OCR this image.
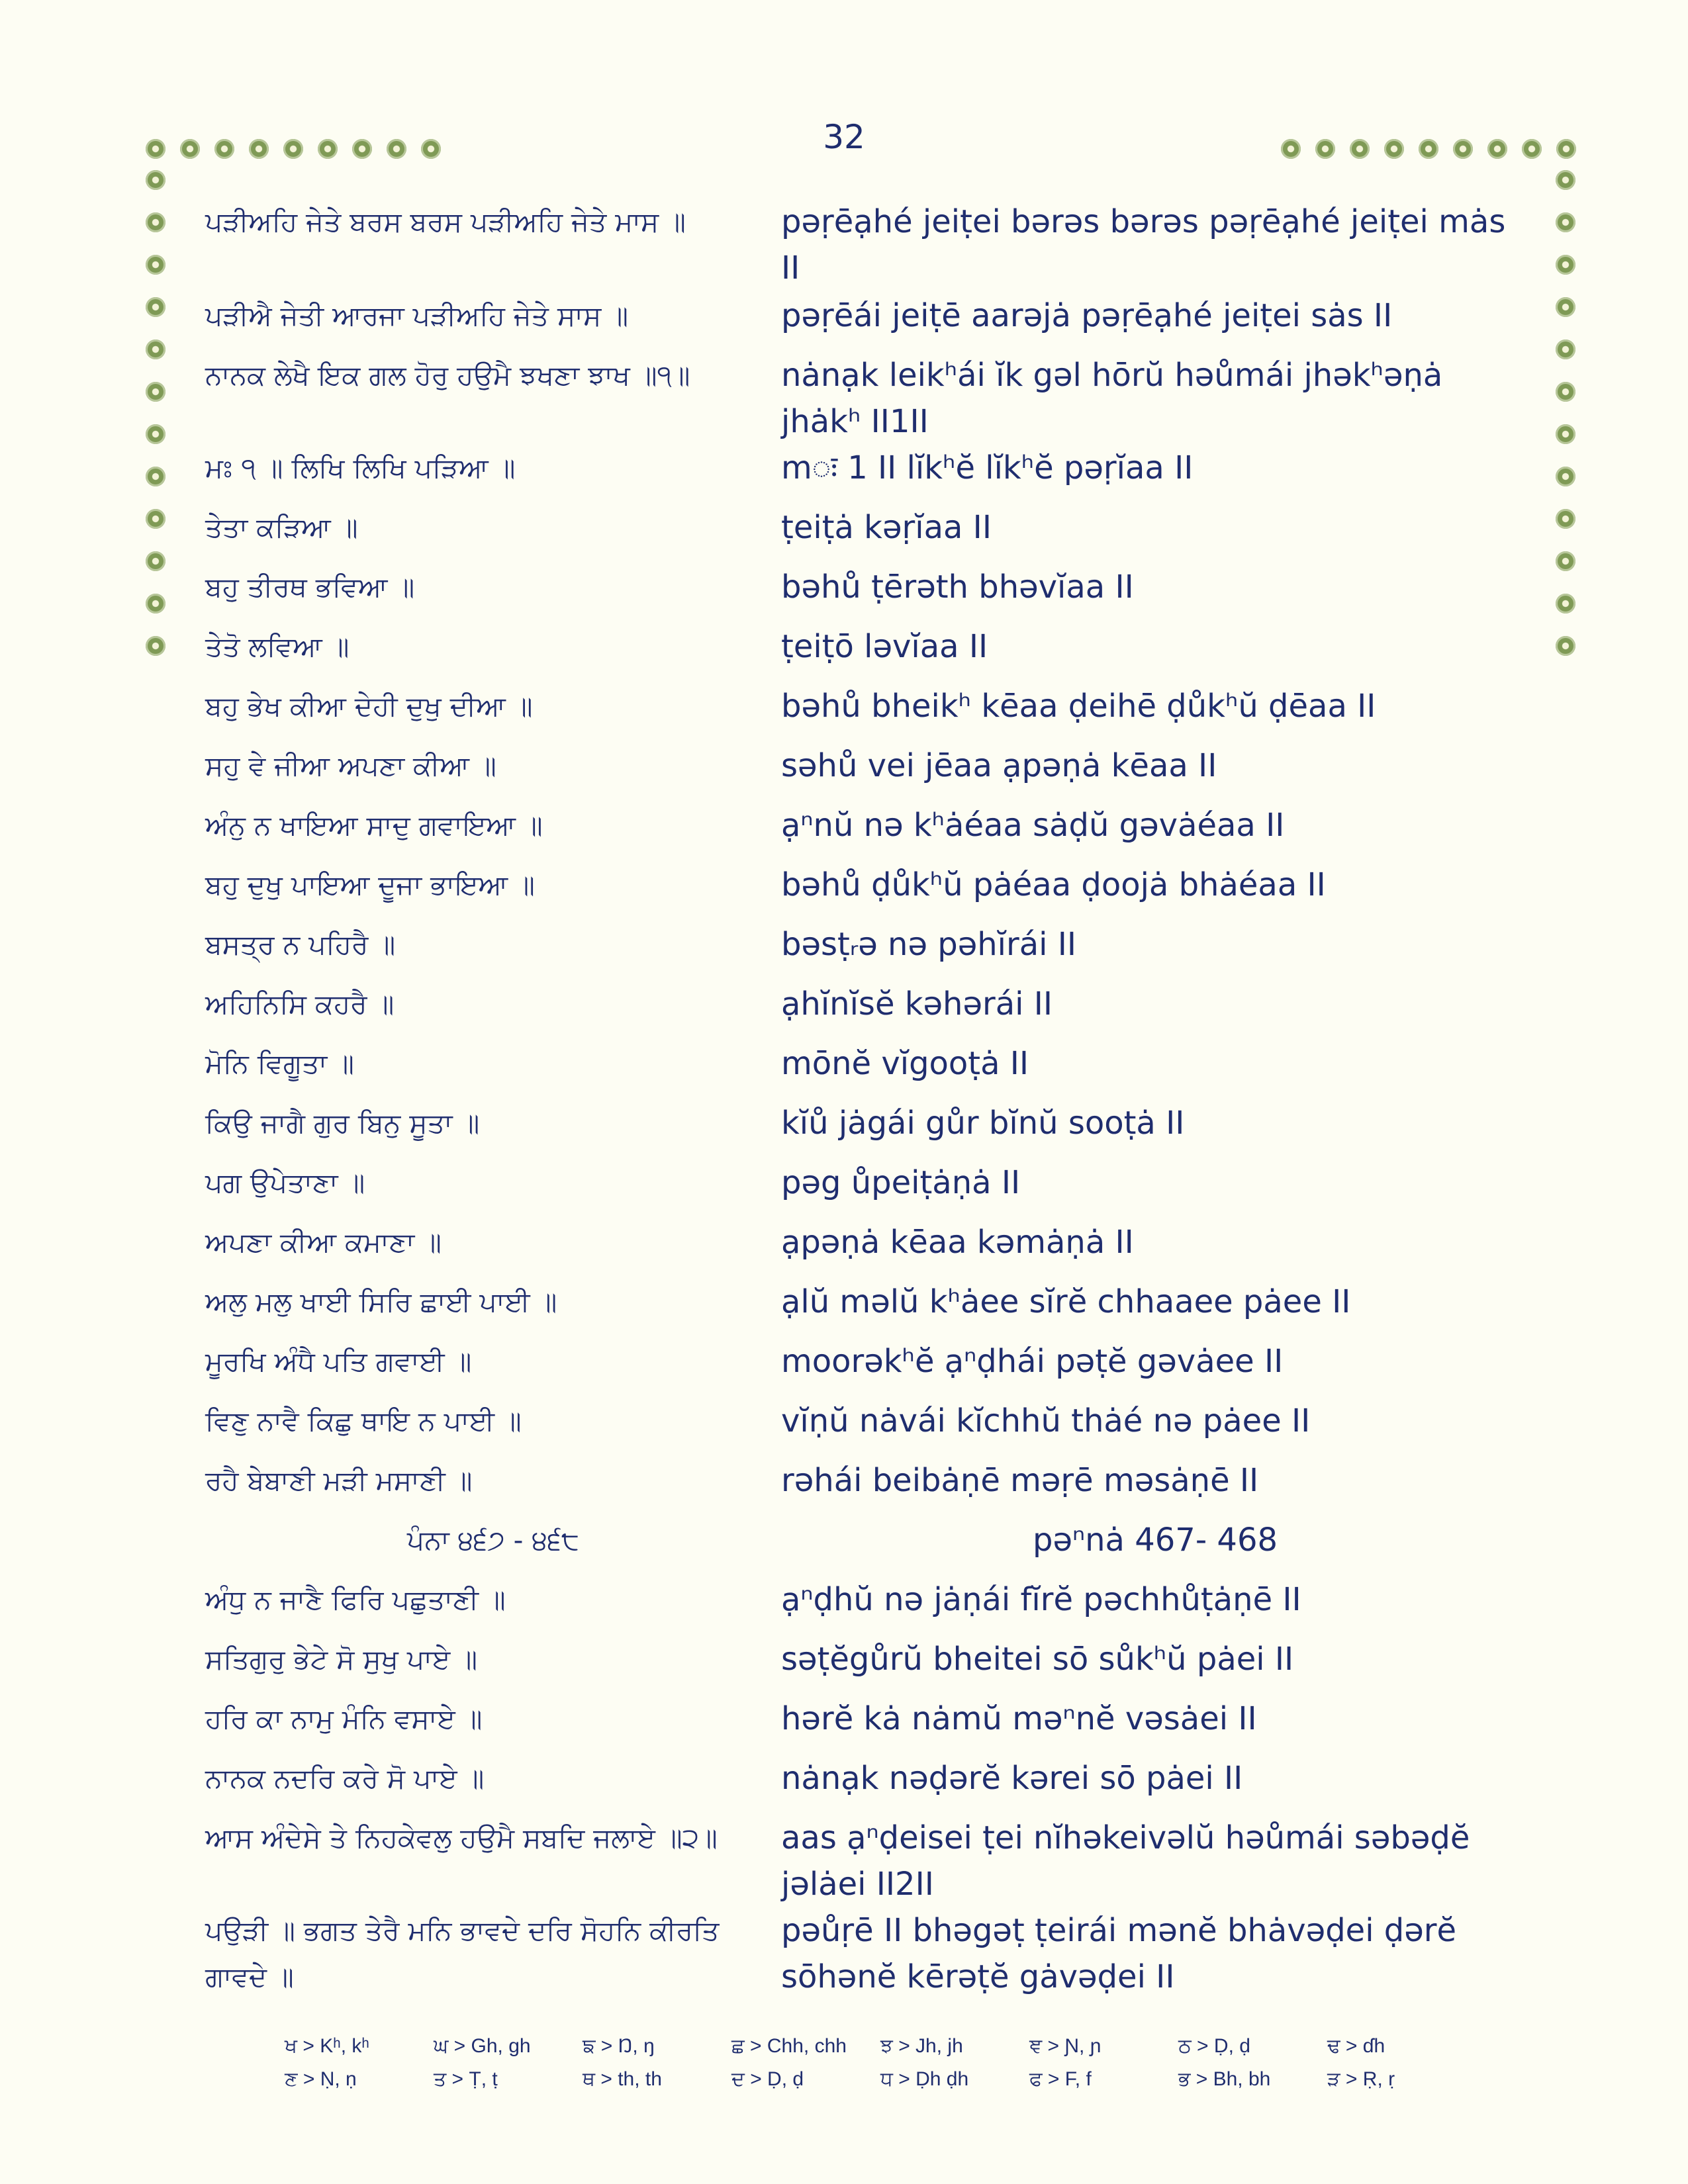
32
ਪੜੀਅਹਿ ਜੇਤੇ ਬਰਸ ਬਰਸ ਪੜੀਅਹਿ ਜੇਤੇ ਮਾਸ ॥	pəṛēạhé jeiṭei bərəs bərəs pəṛēạhé jeiṭei mȧs II
ਪੜੀਐ ਜੇਤੀ ਆਰਜਾ ਪੜੀਅਹਿ ਜੇਤੇ ਸਾਸ ॥	pəṛēái jeiṭē aarəjȧ pəṛēạhé jeiṭei sȧs II
ਨਾਨਕ ਲੇਖੈ ਇਕ ਗਲ ਹੋਰੁ ਹਉਮੈ ਝਖਣਾ ਝਾਖ ॥੧॥	nȧnạk leikʰái ĭk gəl hōrŭ həůmái jhəkʰəṇȧ jhȧkʰ II1II
ਮਃ ੧ ॥ ਲਿਖਿ ਲਿਖਿ ਪੜਿਆ ॥	mः 1 II lĭkʰĕ lĭkʰĕ pəṛĭaa II
ਤੇਤਾ ਕੜਿਆ ॥	ṭeiṭȧ kəṛĭaa II
ਬਹੁ ਤੀਰਥ ਭਵਿਆ ॥	bəhů ṭērəth bhəvĭaa II
ਤੇਤੋ ਲਵਿਆ ॥	ṭeiṭō ləvĭaa II
ਬਹੁ ਭੇਖ ਕੀਆ ਦੇਹੀ ਦੁਖੁ ਦੀਆ ॥	bəhů bheikʰ kēaa ḍeihē ḍůkʰŭ ḍēaa II
ਸਹੁ ਵੇ ਜੀਆ ਅਪਣਾ ਕੀਆ ॥	səhů vei jēaa ạpəṇȧ kēaa II
ਅੰਨੁ ਨ ਖਾਇਆ ਸਾਦੁ ਗਵਾਇਆ ॥	ạⁿnŭ nə kʰȧéaa sȧḍŭ gəvȧéaa II
ਬਹੁ ਦੁਖੁ ਪਾਇਆ ਦੂਜਾ ਭਾਇਆ ॥	bəhů ḍůkʰŭ pȧéaa ḍoojȧ bhȧéaa II
ਬਸਤ੍ਰ ਨ ਪਹਿਰੈ ॥	bəsṭᵣə nə pəhĭrái II
ਅਹਿਨਿਸਿ ਕਹਰੈ ॥	ạhĭnĭsĕ kəhərái II
ਮੋਨਿ ਵਿਗੂਤਾ ॥	mōnĕ vĭgooṭȧ II
ਕਿਉ ਜਾਗੈ ਗੁਰ ਬਿਨੁ ਸੂਤਾ ॥	kĭů jȧgái gůr bĭnŭ sooṭȧ II
ਪਗ ਉਪੇਤਾਣਾ ॥	pəg ůpeiṭȧṇȧ II
ਅਪਣਾ ਕੀਆ ਕਮਾਣਾ ॥	ạpəṇȧ kēaa kəmȧṇȧ II
ਅਲੁ ਮਲੁ ਖਾਈ ਸਿਰਿ ਛਾਈ ਪਾਈ ॥	ạlŭ məlŭ kʰȧee sĭrĕ chhaaee pȧee II
ਮੂਰਖਿ ਅੰਧੈ ਪਤਿ ਗਵਾਈ ॥	moorəkʰĕ ạⁿḍhái pəṭĕ gəvȧee II
ਵਿਣੁ ਨਾਵੈ ਕਿਛੁ ਥਾਇ ਨ ਪਾਈ ॥	vĭṇŭ nȧvái kĭchhŭ thȧé nə pȧee II
ਰਹੈ ਬੇਬਾਣੀ ਮੜੀ ਮਸਾਣੀ ॥	rəhái beibȧṇē məṛē məsȧṇē II
ਪੰਨਾ ੪੬੭ - ੪੬੮	pəⁿnȧ 467- 468
ਅੰਧੁ ਨ ਜਾਣੈ ਫਿਰਿ ਪਛੁਤਾਣੀ ॥	ạⁿḍhŭ nə jȧṇái fĭrĕ pəchhůṭȧṇē II
ਸਤਿਗੁਰੁ ਭੇਟੇ ਸੋ ਸੁਖੁ ਪਾਏ ॥	səṭĕgůrŭ bheitei sō sůkʰŭ pȧei II
ਹਰਿ ਕਾ ਨਾਮੁ ਮੰਨਿ ਵਸਾਏ ॥	hərĕ kȧ nȧmŭ məⁿnĕ vəsȧei II
ਨਾਨਕ ਨਦਰਿ ਕਰੇ ਸੋ ਪਾਏ ॥	nȧnạk nəḍərĕ kərei sō pȧei II
ਆਸ ਅੰਦੇਸੇ ਤੇ ਨਿਹਕੇਵਲੁ ਹਉਮੈ ਸਬਦਿ ਜਲਾਏ ॥੨॥	aas ạⁿḍeisei ṭei nĭhəkeivəlŭ həůmái səbəḍĕ jəlȧei II2II
ਪਉੜੀ ॥ ਭਗਤ ਤੇਰੈ ਮਨਿ ਭਾਵਦੇ ਦਰਿ ਸੋਹਨਿ ਕੀਰਤਿ ਗਾਵਦੇ ॥
pəůṛē II bhəgəṭ ṭeirái mənĕ bhȧvəḍei ḍərĕ sōhənĕ kērəṭĕ gȧvəḍei II
ਖ > Kʰ, kʰ	ਘ > Gh, gh	ਙ > Ŋ, ŋ	ਛ > Chh, chh	ਝ > Jh, jh	ਞ > Ɲ, ɲ	ਠ > Ḍ, ḍ	ਢ > ɗh
ਣ > Ṇ, ṇ	ਤ > Ṭ, ṭ	ਥ > th, th	ਦ > Ḍ, ḍ	ਧ > Ḍh ḍh	ਫ > F, f	ਭ > Bh, bh	ੜ > Ṛ, ṛ
